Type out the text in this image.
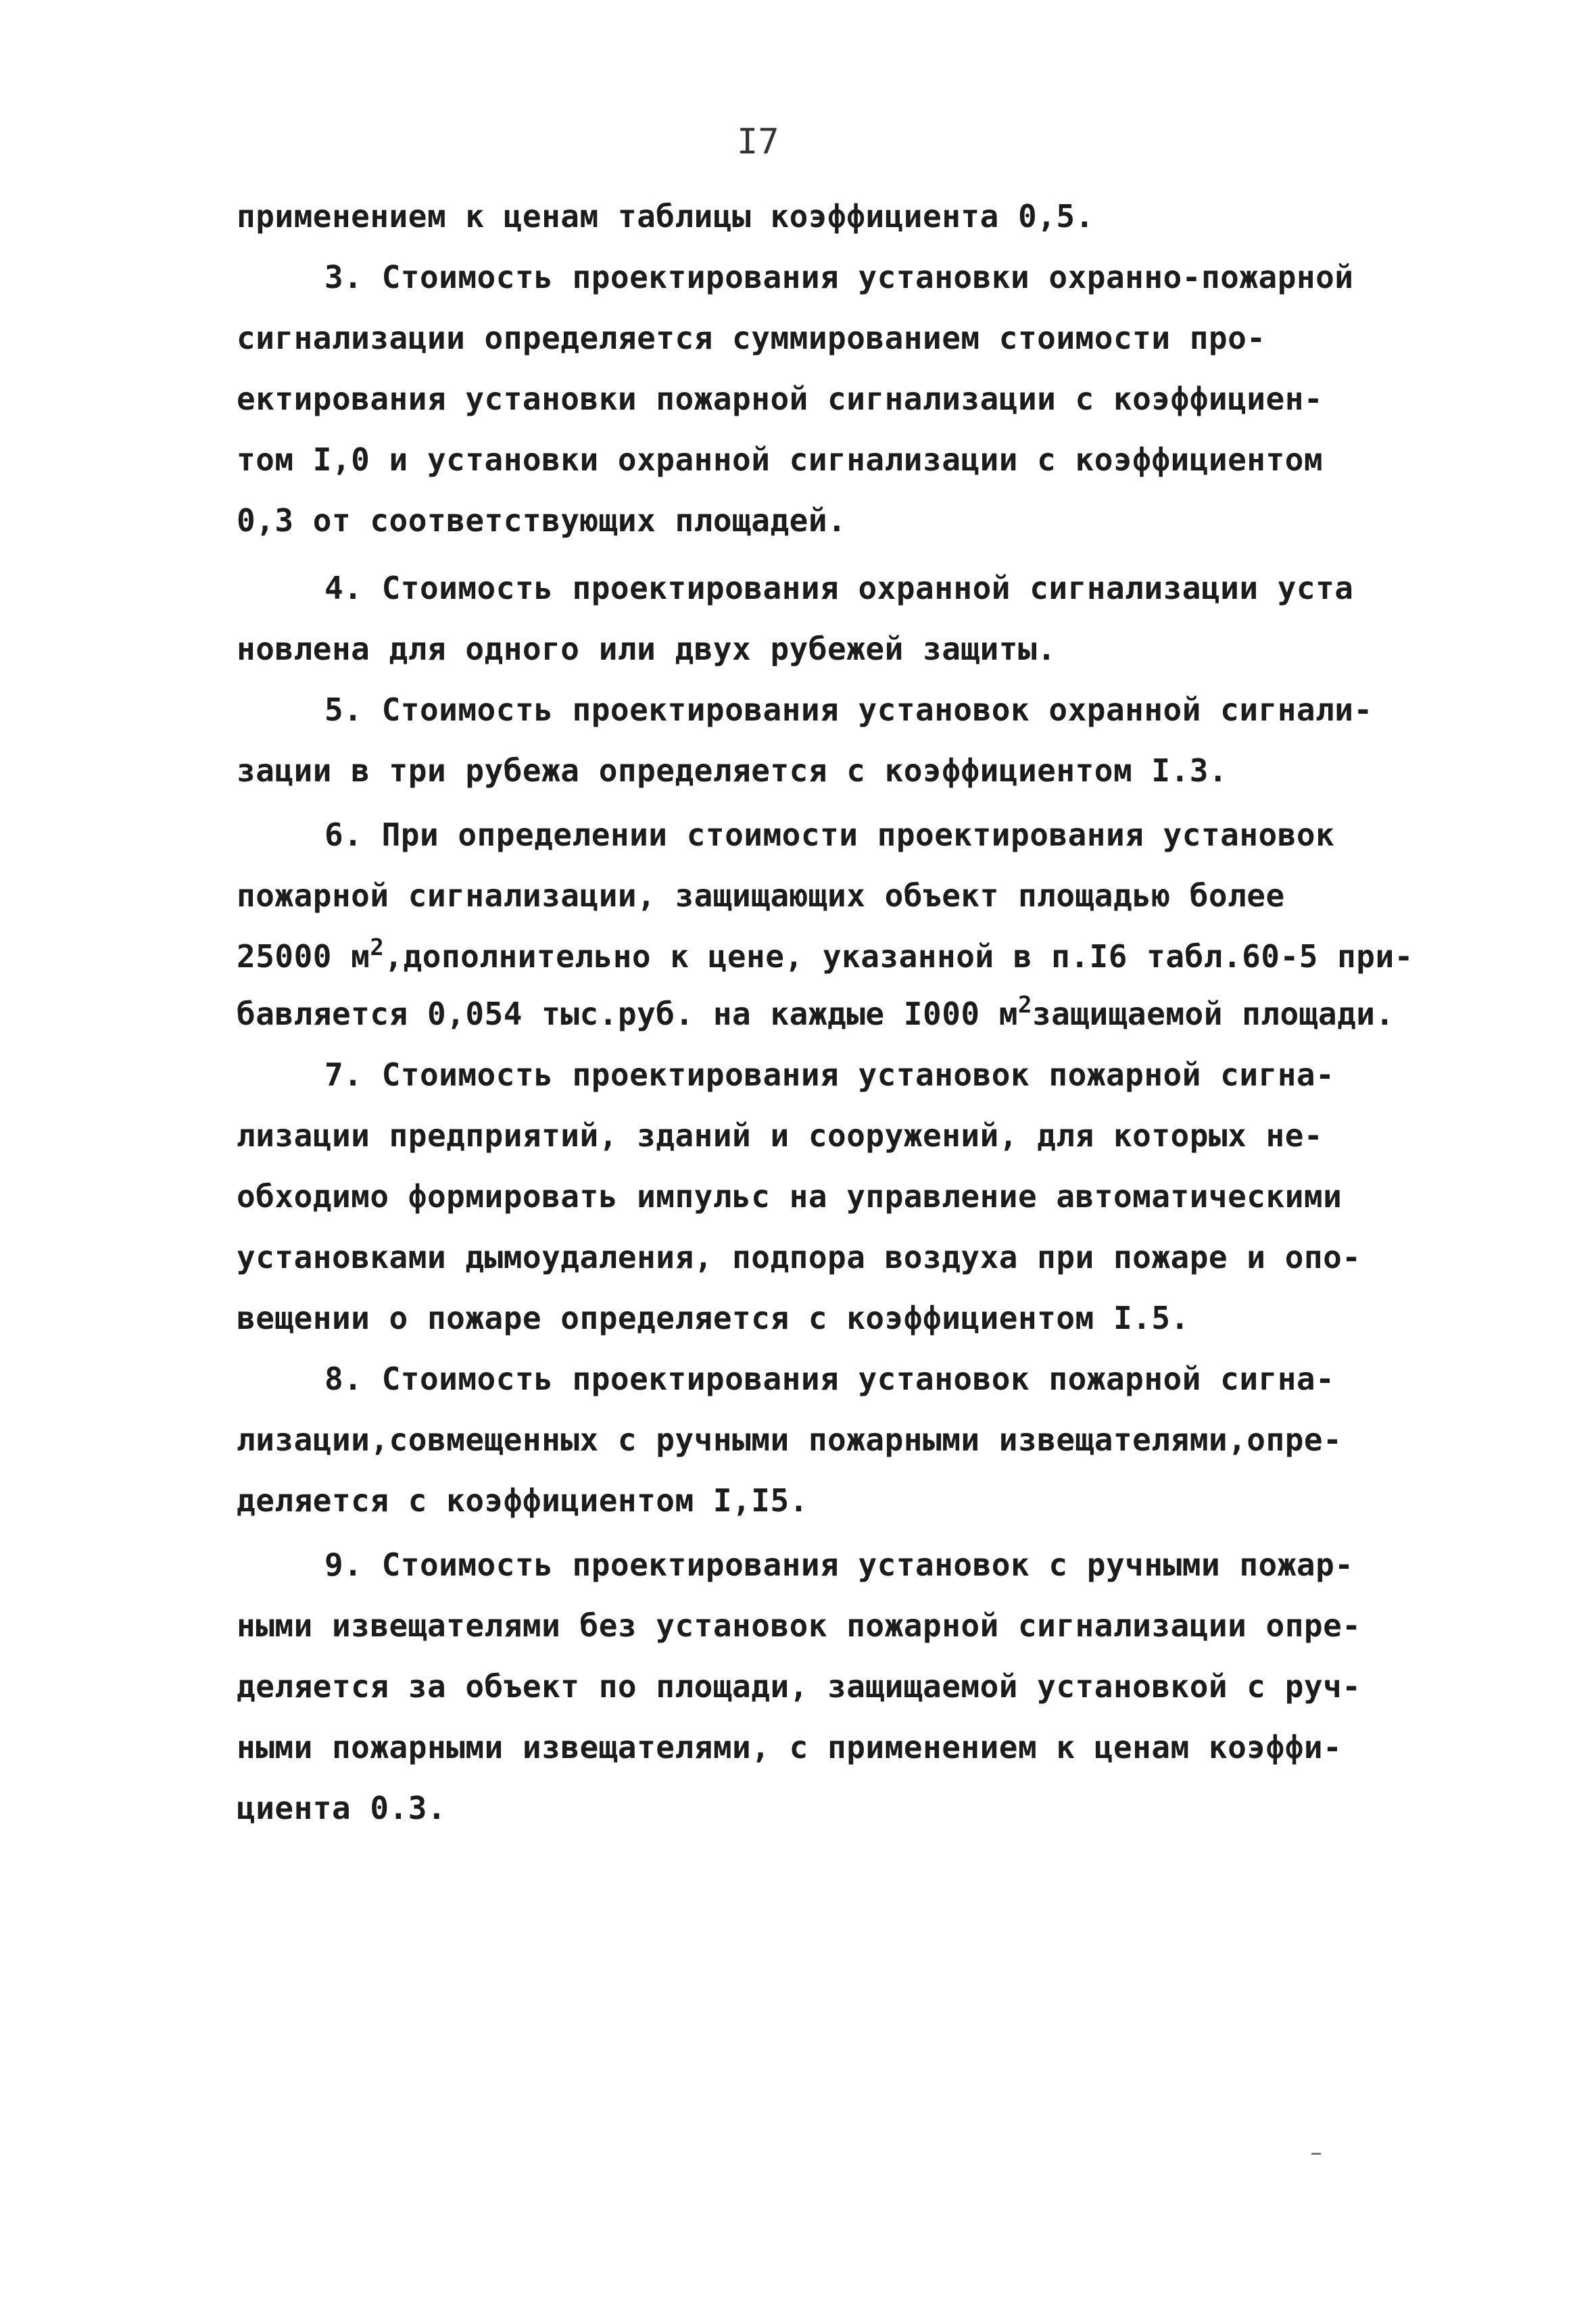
I7
применением к ценам таблицы коэффициента 0,5.
3. Стоимость проектирования установки охранно-пожарной
сигнализации определяется суммированием стоимости про-
ектирования установки пожарной сигнализации с коэффициен-
том I,0 и установки охранной сигнализации с коэффициентом
0,3 от соответствующих площадей.
4. Стоимость проектирования охранной сигнализации уста
новлена для одного или двух рубежей защиты.
5. Стоимость проектирования установок охранной сигнали-
зации в три рубежа определяется с коэффициентом I.3.
6. При определении стоимости проектирования установок
пожарной сигнализации, защищающих объект площадью более
25000 $м^2,дополнительно$ к цене, указанной в п.I6 табл.60-5 при-
бавляется 0,054 тыс.руб. на каждые I000 $м^2защищаемой$ площади.
7. Стоимость проектирования установок пожарной сигна-
лизации предприятий, зданий и сооружений, для которых не-
обходимо формировать импульс на управление автоматическими
установками дымоудаления, подпора воздуха при пожаре и опо-
вещении о пожаре определяется с коэффициентом I.5.
8. Стоимость проектирования установок пожарной сигна-
лизации,совмещенных с ручными пожарными извещателями,опре-
деляется с коэффициентом I,I5.
9. Стоимость проектирования установок с ручными пожар-
ными извещателями без установок пожарной сигнализации опре-
деляется за объект по площади, защищаемой установкой с руч-
ными пожарными извещателями, с применением к ценам коэффи-
циента 0.3.
